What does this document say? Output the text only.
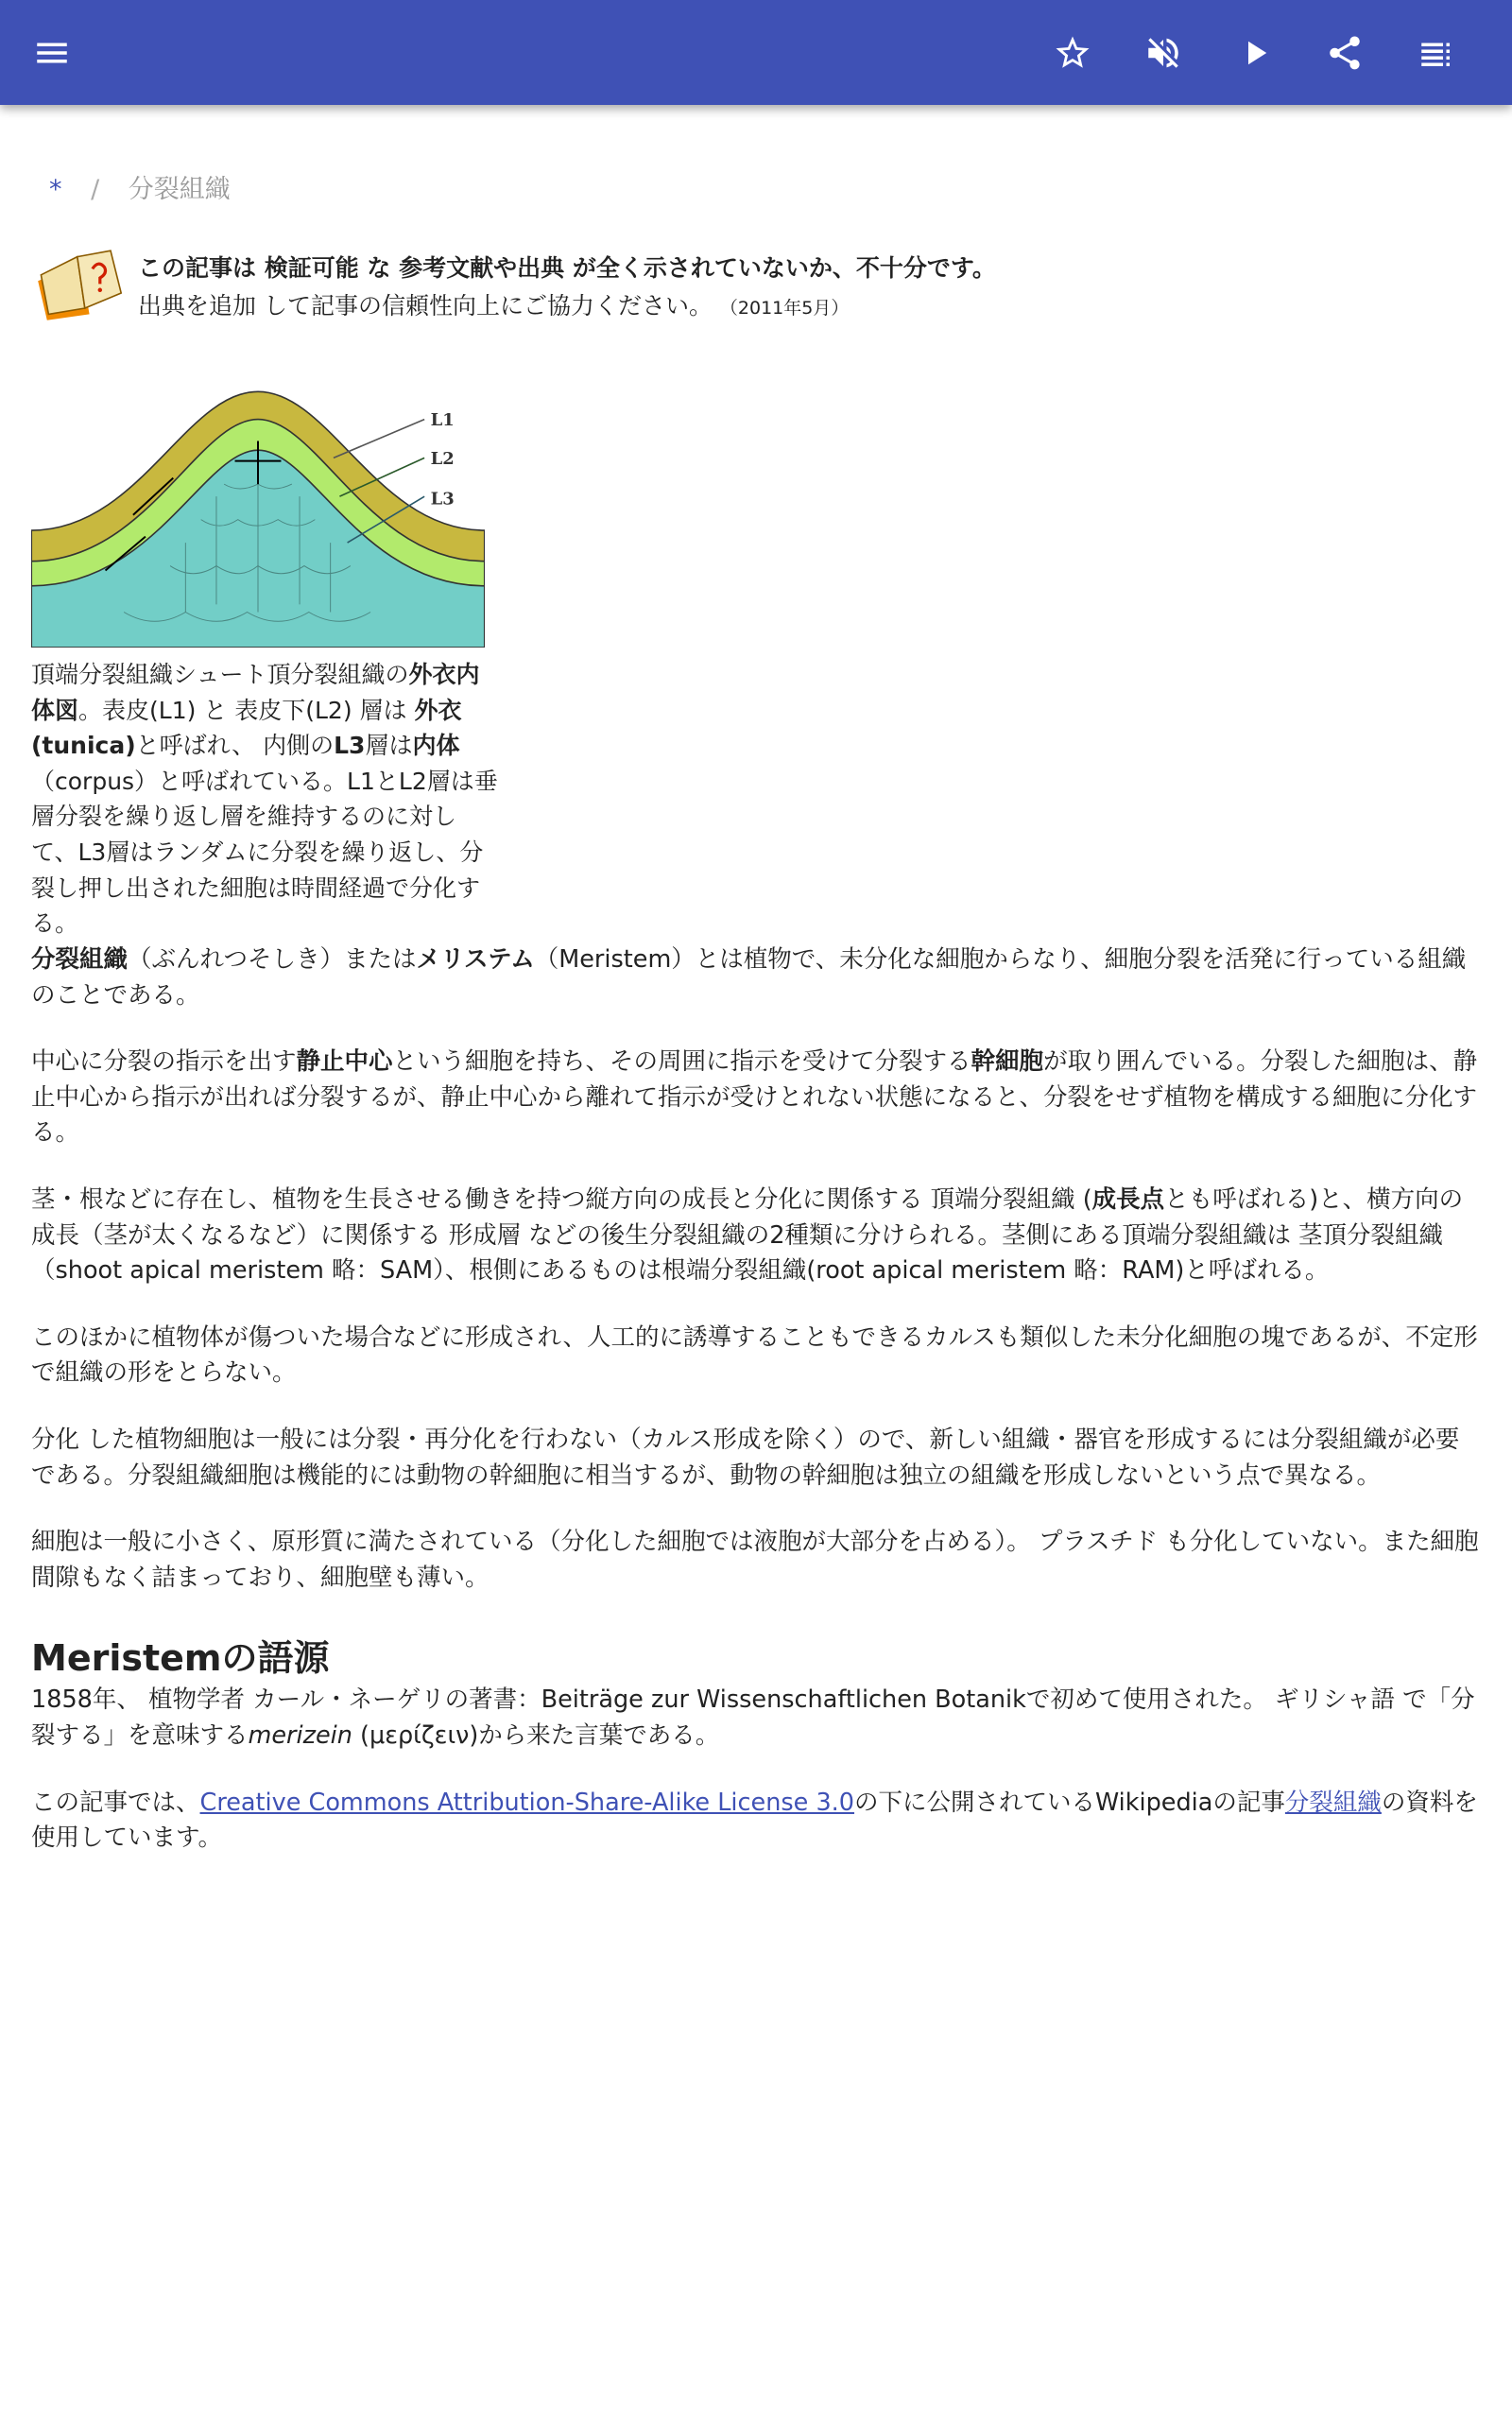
* / 分裂組織
この記事は 検証可能 な 参考文献や出典 が全く示されていないか、不十分です。
出典を追加 して記事の信頼性向上にご協力ください。 （2011年5月）
L1
L2
L3
頂端分裂組織シュート頂分裂組織の外衣内体図。表皮(L1) と 表皮下(L2) 層は 外衣(tunica)と呼ばれ、 内側のL3層は内体（corpus）と呼ばれている。L1とL2層は垂層分裂を繰り返し層を維持するのに対して、L3層はランダムに分裂を繰り返し、分裂し押し出された細胞は時間経過で分化する。

分裂組織（ぶんれつそしき）またはメリステム（Meristem）とは植物で、未分化な細胞からなり、細胞分裂を活発に行っている組織のことである。

中心に分裂の指示を出す静止中心という細胞を持ち、その周囲に指示を受けて分裂する幹細胞が取り囲んでいる。分裂した細胞は、静止中心から指示が出れば分裂するが、静止中心から離れて指示が受けとれない状態になると、分裂をせず植物を構成する細胞に分化する。

茎・根などに存在し、植物を生長させる働きを持つ縦方向の成長と分化に関係する 頂端分裂組織 (成長点とも呼ばれる)と、横方向の成長（茎が太くなるなど）に関係する 形成層 などの後生分裂組織の2種類に分けられる。茎側にある頂端分裂組織は 茎頂分裂組織 （shoot apical meristem 略：SAM）、根側にあるものは根端分裂組織(root apical meristem 略：RAM)と呼ばれる。

このほかに植物体が傷ついた場合などに形成され、人工的に誘導することもできるカルスも類似した未分化細胞の塊であるが、不定形で組織の形をとらない。

分化 した植物細胞は一般には分裂・再分化を行わない（カルス形成を除く）ので、新しい組織・器官を形成するには分裂組織が必要である。分裂組織細胞は機能的には動物の幹細胞に相当するが、動物の幹細胞は独立の組織を形成しないという点で異なる。

細胞は一般に小さく、原形質に満たされている（分化した細胞では液胞が大部分を占める）。 プラスチド も分化していない。また細胞間隙もなく詰まっており、細胞壁も薄い。

Meristemの語源

1858年、 植物学者 カール・ネーゲリの著書：Beiträge zur Wissenschaftlichen Botanikで初めて使用された。 ギリシャ語 で「分裂する」を意味するmerizein (μερίζειν)から来た言葉である。

この記事では、Creative Commons Attribution-Share-Alike License 3.0の下に公開されているWikipediaの記事分裂組織の資料を使用しています。
